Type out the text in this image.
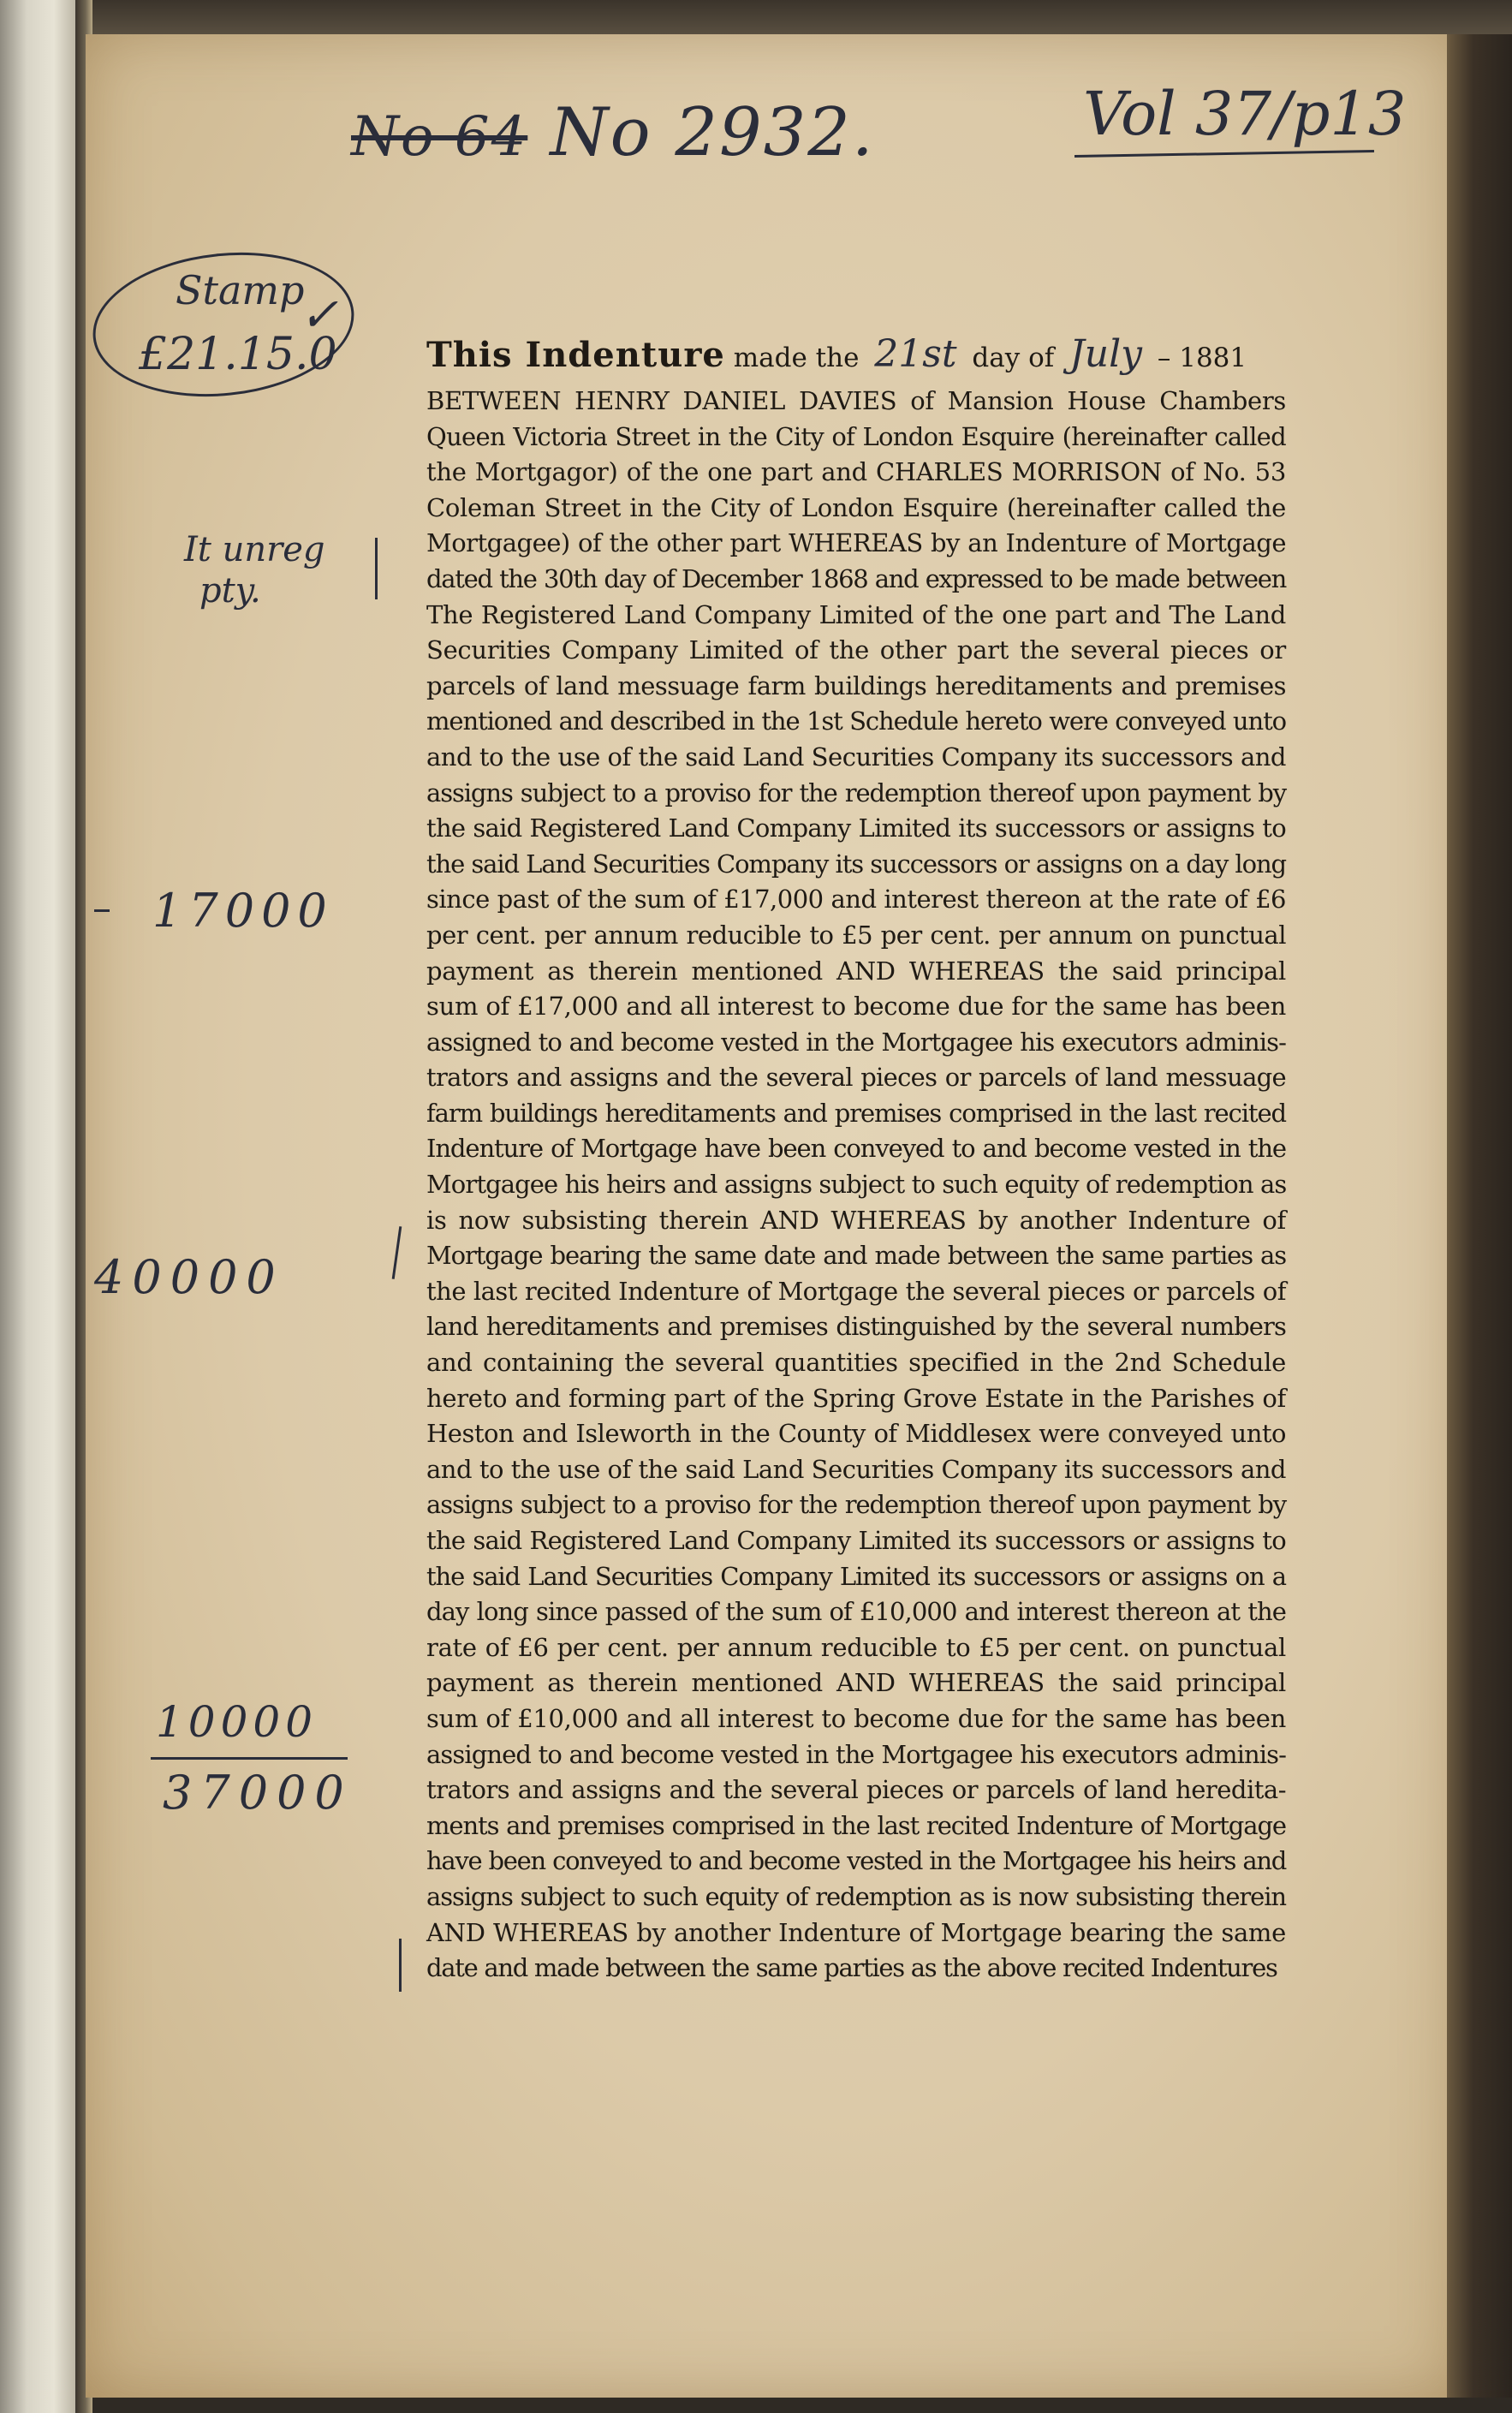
No 64 No 2932.	Vol 37/p13
Stamp
✓
£21.15.0
It unreg
pty.
17000
40000
10000
37000
This Indenture made the 21st day of July – 1881
BETWEEN HENRY DANIEL DAVIES of Mansion House Chambers
Queen Victoria Street in the City of London Esquire (hereinafter called
the Mortgagor) of the one part and CHARLES MORRISON of No. 53
Coleman Street in the City of London Esquire (hereinafter called the
Mortgagee) of the other part WHEREAS by an Indenture of Mortgage
dated the 30th day of December 1868 and expressed to be made between
The Registered Land Company Limited of the one part and The Land
Securities Company Limited of the other part the several pieces or
parcels of land messuage farm buildings hereditaments and premises
mentioned and described in the 1st Schedule hereto were conveyed unto
and to the use of the said Land Securities Company its successors and
assigns subject to a proviso for the redemption thereof upon payment by
the said Registered Land Company Limited its successors or assigns to
the said Land Securities Company its successors or assigns on a day long
since past of the sum of £17,000 and interest thereon at the rate of £6
per cent. per annum reducible to £5 per cent. per annum on punctual
payment as therein mentioned AND WHEREAS the said principal
sum of £17,000 and all interest to become due for the same has been
assigned to and become vested in the Mortgagee his executors adminis-
trators and assigns and the several pieces or parcels of land messuage
farm buildings hereditaments and premises comprised in the last recited
Indenture of Mortgage have been conveyed to and become vested in the
Mortgagee his heirs and assigns subject to such equity of redemption as
is now subsisting therein AND WHEREAS by another Indenture of
Mortgage bearing the same date and made between the same parties as
the last recited Indenture of Mortgage the several pieces or parcels of
land hereditaments and premises distinguished by the several numbers
and containing the several quantities specified in the 2nd Schedule
hereto and forming part of the Spring Grove Estate in the Parishes of
Heston and Isleworth in the County of Middlesex were conveyed unto
and to the use of the said Land Securities Company its successors and
assigns subject to a proviso for the redemption thereof upon payment by
the said Registered Land Company Limited its successors or assigns to
the said Land Securities Company Limited its successors or assigns on a
day long since passed of the sum of £10,000 and interest thereon at the
rate of £6 per cent. per annum reducible to £5 per cent. on punctual
payment as therein mentioned AND WHEREAS the said principal
sum of £10,000 and all interest to become due for the same has been
assigned to and become vested in the Mortgagee his executors adminis-
trators and assigns and the several pieces or parcels of land heredita-
ments and premises comprised in the last recited Indenture of Mortgage
have been conveyed to and become vested in the Mortgagee his heirs and
assigns subject to such equity of redemption as is now subsisting therein
AND WHEREAS by another Indenture of Mortgage bearing the same
date and made between the same parties as the above recited Indentures
